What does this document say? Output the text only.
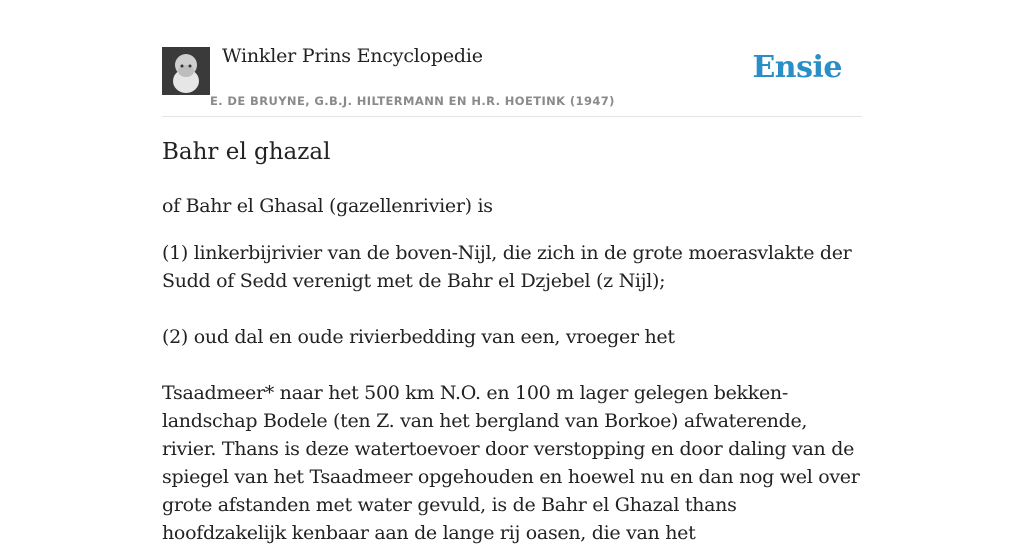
Winkler Prins Encyclopedie
E. DE BRUYNE, G.B.J. HILTERMANN EN H.R. HOETINK (1947)
Ensie
Bahr el ghazal

of Bahr el Ghasal (gazellenrivier) is

(1) linkerbijrivier van de boven-Nijl, die zich in de grote moerasvlakte der Sudd of Sedd verenigt met de Bahr el Dzjebel (z Nijl);

(2) oud dal en oude rivierbedding van een, vroeger het

Tsaadmeer* naar het 500 km N.O. en 100 m lager gelegen bekken-landschap Bodele (ten Z. van het bergland van Borkoe) afwaterende, rivier. Thans is deze watertoevoer door verstopping en door daling van de spiegel van het Tsaadmeer opgehouden en hoewel nu en dan nog wel over grote afstanden met water gevuld, is de Bahr el Ghazal thans hoofdzakelijk kenbaar aan de lange rij oasen, die van het
